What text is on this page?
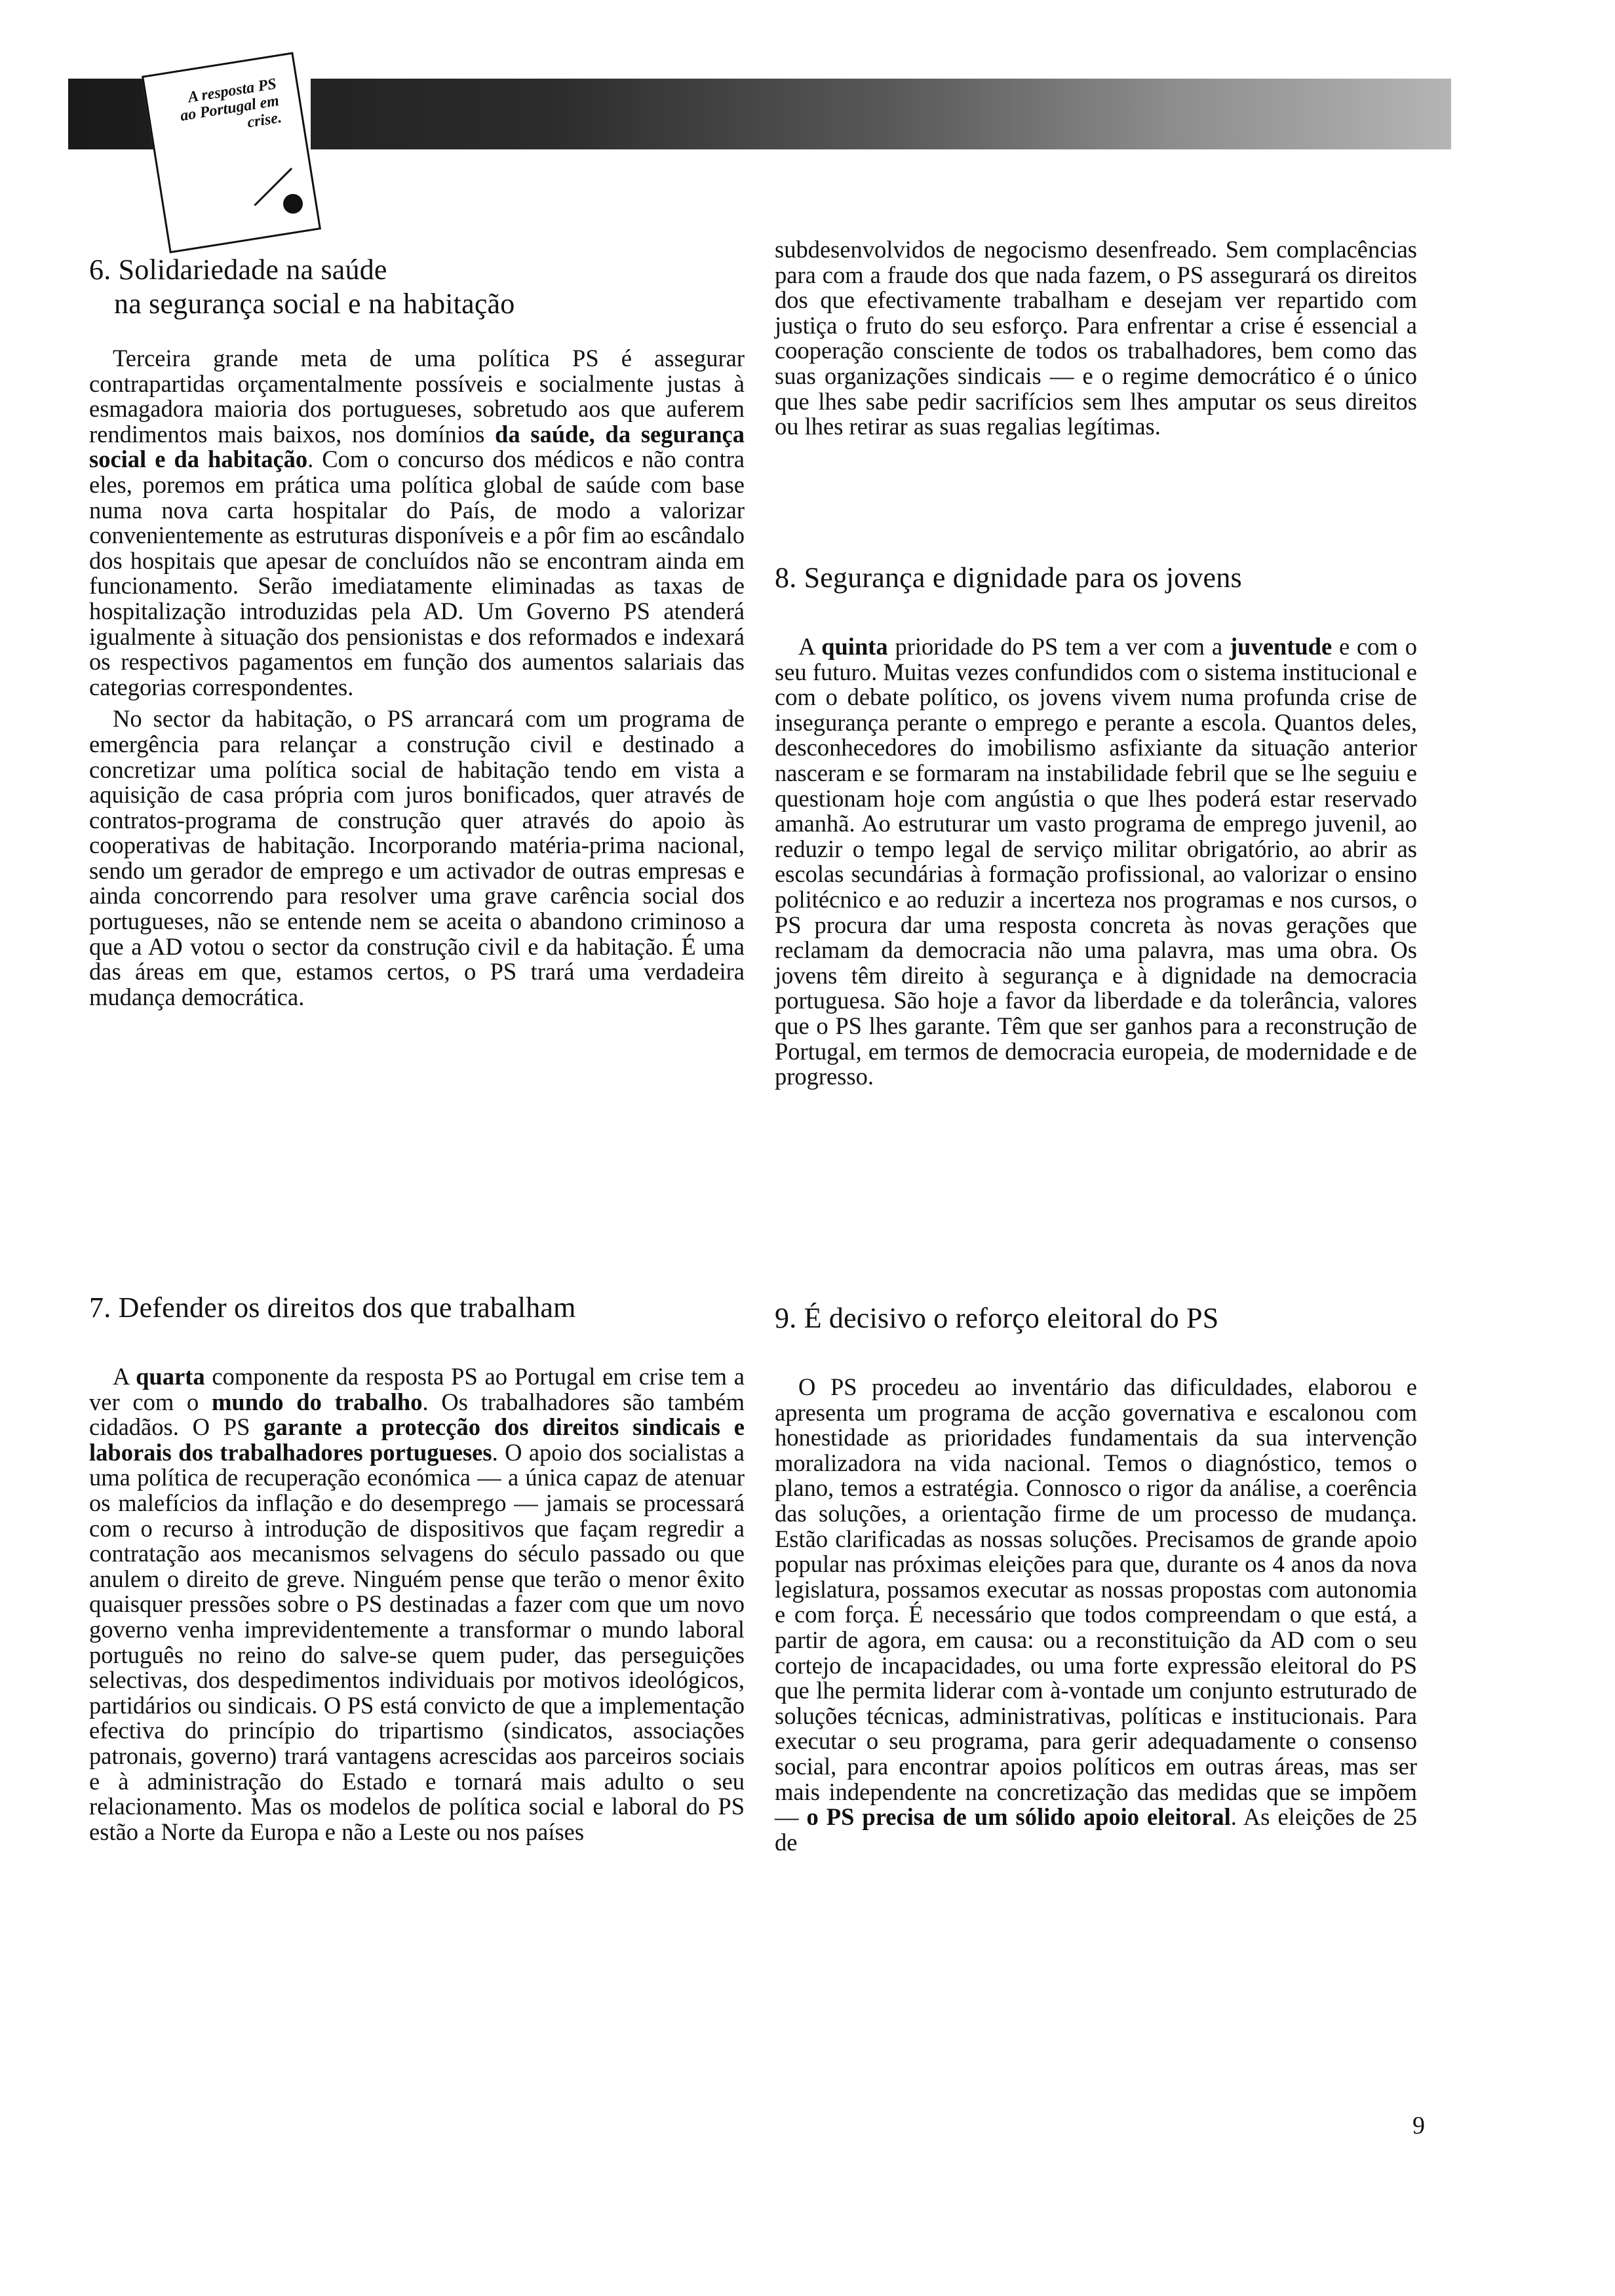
A resposta PS ao Portugal em crise.
6. Solidariedade na saúde
na segurança social e na habitação

Terceira grande meta de uma política PS é assegurar contrapartidas orçamentalmente possíveis e socialmente justas à esmagadora maioria dos portugueses, sobretudo aos que auferem rendimentos mais baixos, nos domínios da saúde, da segurança social e da habitação. Com o concurso dos médicos e não contra eles, poremos em prática uma política global de saúde com base numa nova carta hospitalar do País, de modo a valorizar convenientemente as estruturas disponíveis e a pôr fim ao escândalo dos hospitais que apesar de concluídos não se encontram ainda em funcionamento. Serão imediatamente eliminadas as taxas de hospitalização introduzidas pela AD. Um Governo PS atenderá igualmente à situação dos pensionistas e dos reformados e indexará os respectivos pagamentos em função dos aumentos salariais das categorias correspondentes.

No sector da habitação, o PS arrancará com um programa de emergência para relançar a construção civil e destinado a concretizar uma política social de habitação tendo em vista a aquisição de casa própria com juros bonificados, quer através de contratos-programa de construção quer através do apoio às cooperativas de habitação. Incorporando matéria-prima nacional, sendo um gerador de emprego e um activador de outras empresas e ainda concorrendo para resolver uma grave carência social dos portugueses, não se entende nem se aceita o abandono criminoso a que a AD votou o sector da construção civil e da habitação. É uma das áreas em que, estamos certos, o PS trará uma verdadeira mudança democrática.

7. Defender os direitos dos que trabalham

A quarta componente da resposta PS ao Portugal em crise tem a ver com o mundo do trabalho. Os trabalhadores são também cidadãos. O PS garante a protecção dos direitos sindicais e laborais dos trabalhadores portugueses. O apoio dos socialistas a uma política de recuperação económica — a única capaz de atenuar os malefícios da inflação e do desemprego — jamais se processará com o recurso à introdução de dispositivos que façam regredir a contratação aos mecanismos selvagens do século passado ou que anulem o direito de greve. Ninguém pense que terão o menor êxito quaisquer pressões sobre o PS destinadas a fazer com que um novo governo venha imprevidentemente a transformar o mundo laboral português no reino do salve-se quem puder, das perseguições selectivas, dos despedimentos individuais por motivos ideológicos, partidários ou sindicais. O PS está convicto de que a implementação efectiva do princípio do tripartismo (sindicatos, associações patronais, governo) trará vantagens acrescidas aos parceiros sociais e à administração do Estado e tornará mais adulto o seu relacionamento. Mas os modelos de política social e laboral do PS estão a Norte da Europa e não a Leste ou nos países

subdesenvolvidos de negocismo desenfreado. Sem complacências para com a fraude dos que nada fazem, o PS assegurará os direitos dos que efectivamente trabalham e desejam ver repartido com justiça o fruto do seu esforço. Para enfrentar a crise é essencial a cooperação consciente de todos os trabalhadores, bem como das suas organizações sindicais — e o regime democrático é o único que lhes sabe pedir sacrifícios sem lhes amputar os seus direitos ou lhes retirar as suas regalias legítimas.

8. Segurança e dignidade para os jovens

A quinta prioridade do PS tem a ver com a juventude e com o seu futuro. Muitas vezes confundidos com o sistema institucional e com o debate político, os jovens vivem numa profunda crise de insegurança perante o emprego e perante a escola. Quantos deles, desconhecedores do imobilismo asfixiante da situação anterior nasceram e se formaram na instabilidade febril que se lhe seguiu e questionam hoje com angústia o que lhes poderá estar reservado amanhã. Ao estruturar um vasto programa de emprego juvenil, ao reduzir o tempo legal de serviço militar obrigatório, ao abrir as escolas secundárias à formação profissional, ao valorizar o ensino politécnico e ao reduzir a incerteza nos programas e nos cursos, o PS procura dar uma resposta concreta às novas gerações que reclamam da democracia não uma palavra, mas uma obra. Os jovens têm direito à segurança e à dignidade na democracia portuguesa. São hoje a favor da liberdade e da tolerância, valores que o PS lhes garante. Têm que ser ganhos para a reconstrução de Portugal, em termos de democracia europeia, de modernidade e de progresso.

9. É decisivo o reforço eleitoral do PS

O PS procedeu ao inventário das dificuldades, elaborou e apresenta um programa de acção governativa e escalonou com honestidade as prioridades fundamentais da sua intervenção moralizadora na vida nacional. Temos o diagnóstico, temos o plano, temos a estratégia. Connosco o rigor da análise, a coerência das soluções, a orientação firme de um processo de mudança. Estão clarificadas as nossas soluções. Precisamos de grande apoio popular nas próximas eleições para que, durante os 4 anos da nova legislatura, possamos executar as nossas propostas com autonomia e com força. É necessário que todos compreendam o que está, a partir de agora, em causa: ou a reconstituição da AD com o seu cortejo de incapacidades, ou uma forte expressão eleitoral do PS que lhe permita liderar com à-vontade um conjunto estruturado de soluções técnicas, administrativas, políticas e institucionais. Para executar o seu programa, para gerir adequadamente o consenso social, para encontrar apoios políticos em outras áreas, mas ser mais independente na concretização das medidas que se impõem — o PS precisa de um sólido apoio eleitoral. As eleições de 25 de

9
